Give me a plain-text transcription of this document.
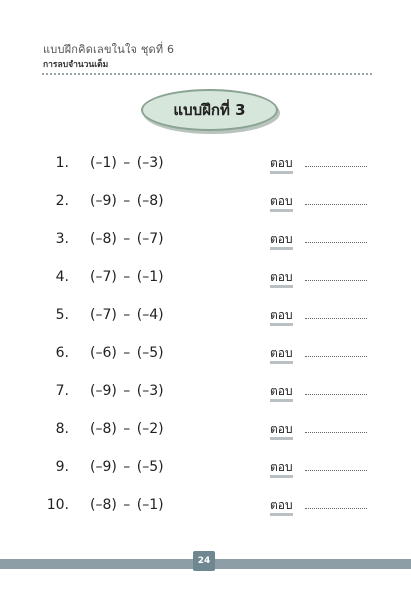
แบบฝึกคิดเลขในใจ ชุดที่ 6
การลบจำนวนเต็ม
แบบฝึกที่ 3
1. (–1) – (–3)	ตอบ
2. (–9) – (–8)	ตอบ
3. (–8) – (–7)	ตอบ
4. (–7) – (–1)	ตอบ
5. (–7) – (–4)	ตอบ
6. (–6) – (–5)	ตอบ
7. (–9) – (–3)	ตอบ
8. (–8) – (–2)	ตอบ
9. (–9) – (–5)	ตอบ
10. (–8) – (–1)	ตอบ
24
